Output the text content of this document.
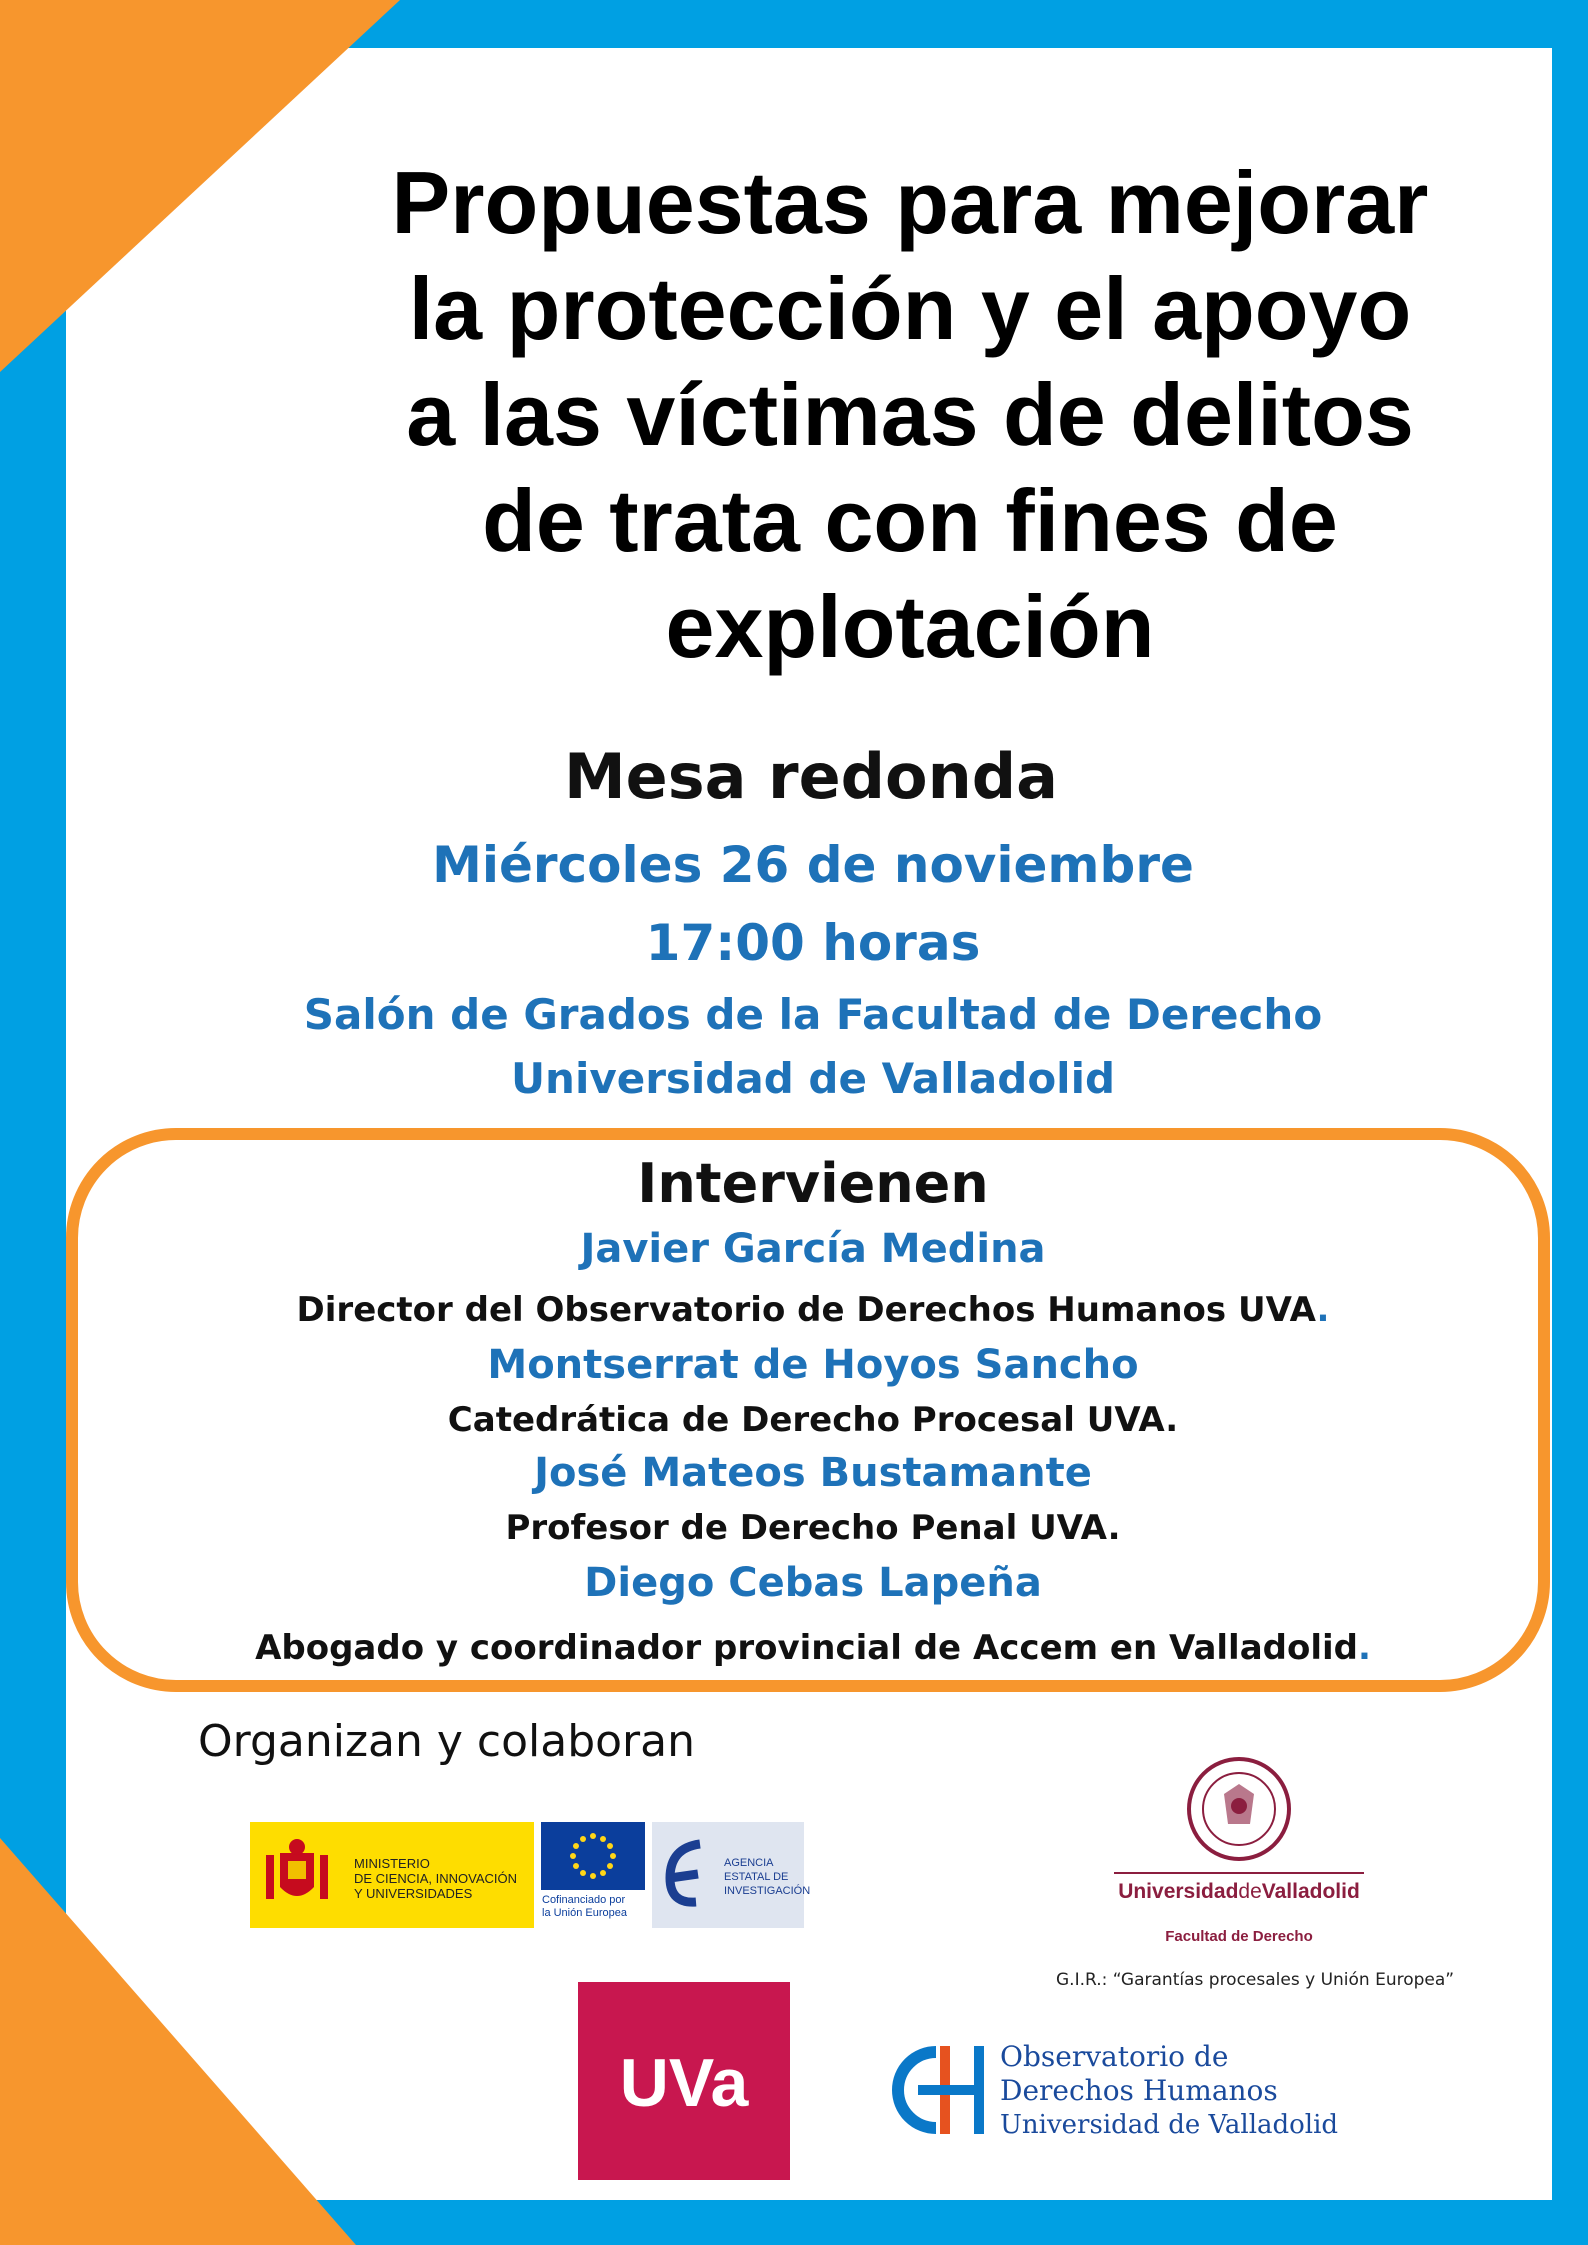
Propuestas para mejorar
la protección y el apoyo
a las víctimas de delitos
de trata con fines de
explotación

Mesa redonda

Miércoles 26 de noviembre

17:00 horas

Salón de Grados de la Facultad de Derecho

Universidad de Valladolid

Intervienen

Javier García Medina

Director del Observatorio de Derechos Humanos UVA.

Montserrat de Hoyos Sancho

Catedrática de Derecho Procesal UVA.

José Mateos Bustamante

Profesor de Derecho Penal UVA.

Diego Cebas Lapeña

Abogado y coordinador provincial de Accem en Valladolid.

Organizan y colaboran

MINISTERIO
DE CIENCIA, INNOVACIÓN
Y UNIVERSIDADES	Cofinanciado por
la Unión Europea
AGENCIA
ESTATAL DE
INVESTIGACIÓN	UniversidaddeValladolid
Facultad de Derecho
G.I.R.: “Garantías procesales y Unión Europea”
UVa	Observatorio de
Derechos Humanos
Universidad de Valladolid
